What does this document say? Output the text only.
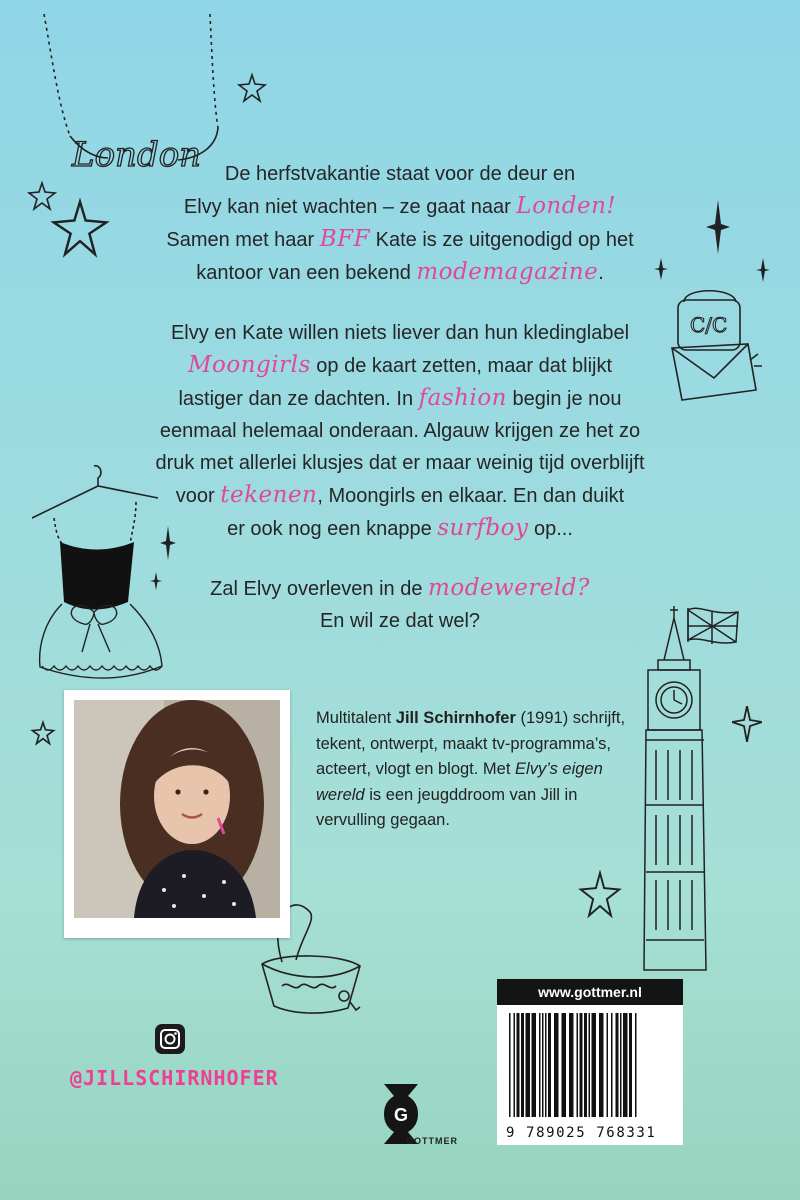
London
C/C

De herfstvakantie staat voor de deur en

Elvy kan niet wachten – ze gaat naar Londen!

Samen met haar BFF Kate is ze uitgenodigd op het

kantoor van een bekend modemagazine.

Elvy en Kate willen niets liever dan hun kledinglabel

Moongirls op de kaart zetten, maar dat blijkt

lastiger dan ze dachten. In fashion begin je nou

eenmaal helemaal onderaan. Algauw krijgen ze het zo

druk met allerlei klusjes dat er maar weinig tijd overblijft

voor tekenen, Moongirls en elkaar. En dan duikt

er ook nog een knappe surfboy op...

Zal Elvy overleven in de modewereld?

En wil ze dat wel?

Multitalent Jill Schirnhofer (1991) schrijft, tekent, ontwerpt, maakt tv-programma’s, acteert, vlogt en blogt. Met Elvy’s eigen wereld is een jeugddroom van Jill in vervulling gegaan.
@JILLSCHIRNHOFER
G
GOTTMER
www.gottmer.nl
9 789025 768331
